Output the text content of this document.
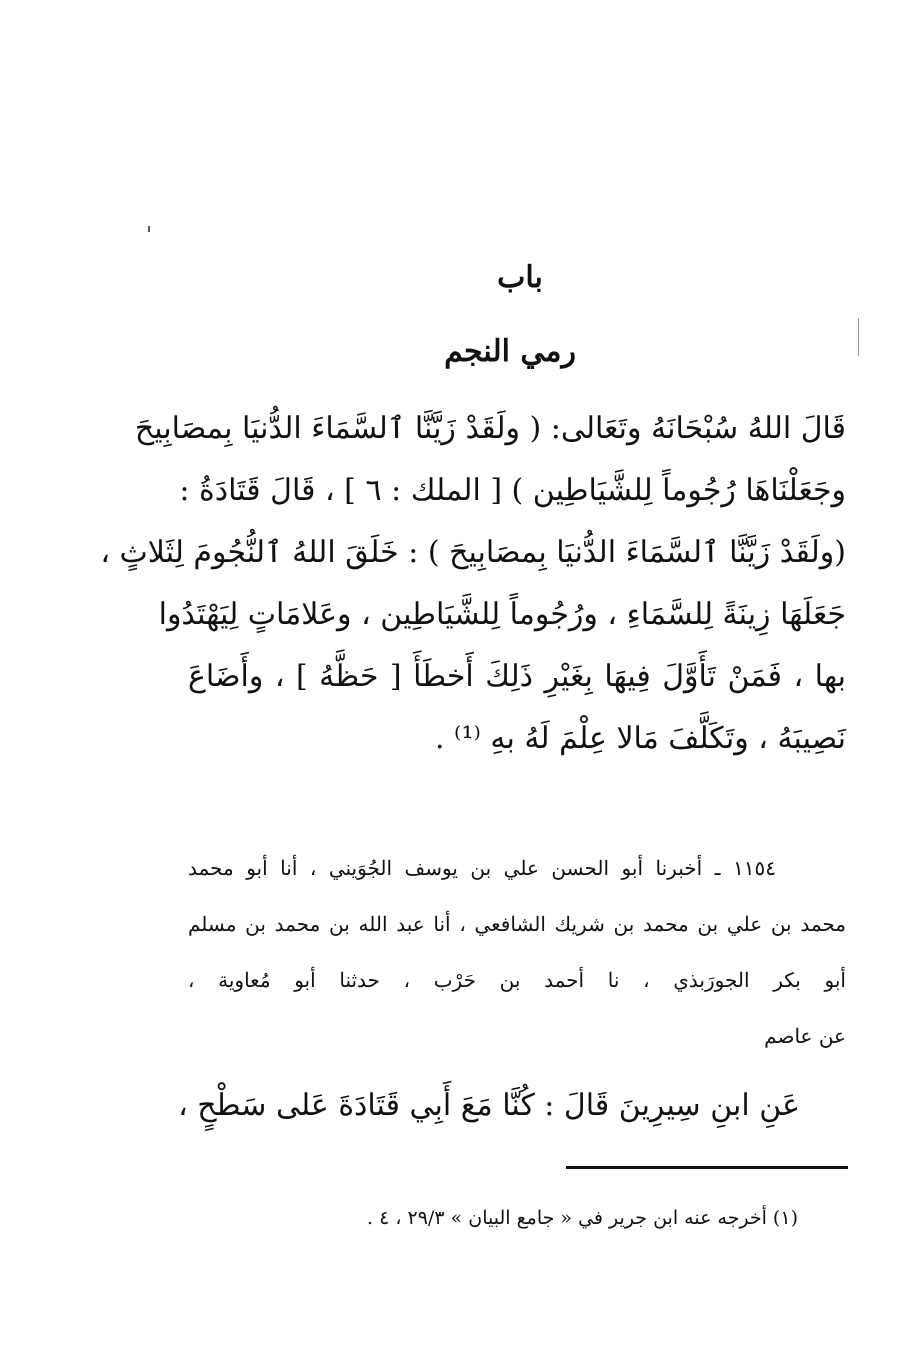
باب
رمي النجم
قَالَ اللهُ سُبْحَانَهُ وتَعَالى: ( ولَقَدْ زَيَّنَّا ٱلسَّمَاءَ الدُّنيَا بِمصَابِيحَ
وجَعَلْنَاهَا رُجُوماً لِلشَّيَاطِين ) [ الملك : ٦ ] ، قَالَ قَتَادَةُ :
(ولَقَدْ زَيَّنَّا ٱلسَّمَاءَ الدُّنيَا بِمصَابِيحَ ) : خَلَقَ اللهُ ٱلنُّجُومَ لِثَلاثٍ ،
جَعَلَهَا زِينَةً لِلسَّمَاءِ ، ورُجُوماً لِلشَّيَاطِين ، وعَلامَاتٍ لِيَهْتَدُوا
بها ، فَمَنْ تَأَوَّلَ فِيهَا بِغَيْرِ ذَلِكَ أَخطَأَ [ حَظَّهُ ] ، وأَضَاعَ
نَصِيبَهُ ، وتَكَلَّفَ مَالا عِلْمَ لَهُ بهِ ⁽¹⁾ .
١١٥٤ ـ أخبرنا أبو الحسن علي بن يوسف الجُوَيني ، أنا أبو محمد
محمد بن علي بن محمد بن شريك الشافعي ، أنا عبد الله بن محمد بن مسلم
أبو بكر الجورَبذي ، نا أحمد بن حَرْب ، حدثنا أبو مُعاوية ،
عن عاصم
عَنِ ابنِ سِيرِينَ قَالَ : كُنَّا مَعَ أَبِي قَتَادَةَ عَلى سَطْحٍ ،
(١) أخرجه عنه ابن جرير في « جامع البيان » ٢٩/٣ ، ٤ .
